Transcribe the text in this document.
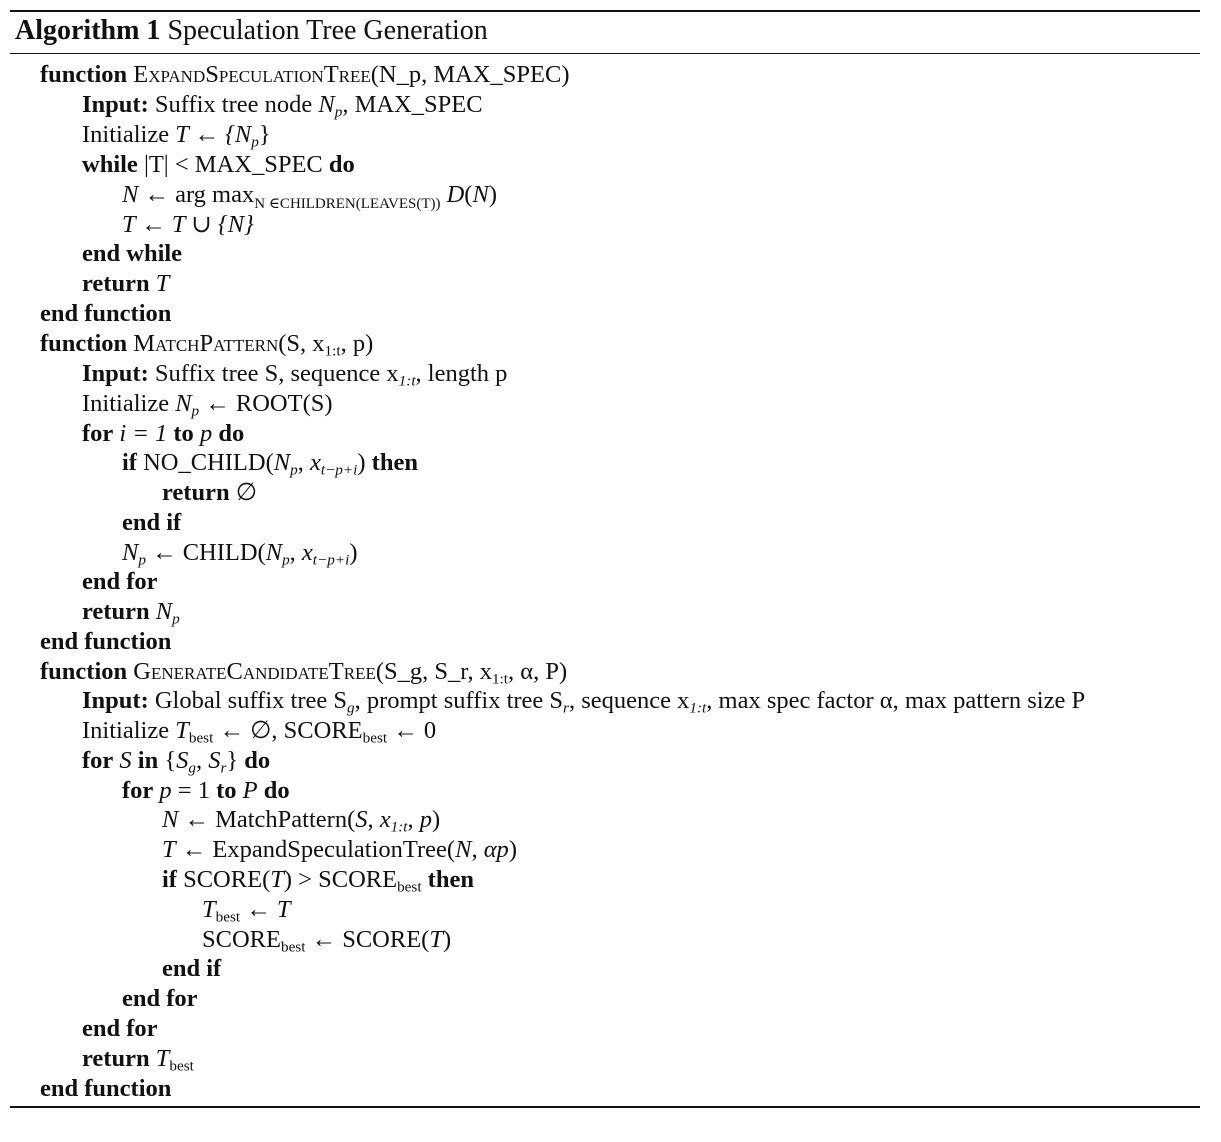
Algorithm 1 Speculation Tree Generation
function ExpandSpeculationTree(N_p, MAX_SPEC)
Input: Suffix tree node $N_p$, MAX_SPEC
Initialize T ← $\{N_p\}$
while |T| < MAX_SPEC do
N ← arg $\max_{N \in CHILDREN(LEAVES(T))} D(N)$
T ← T ∪ {N}
end while
return T
end function
function MatchPattern(S, $x_{1:t}$, p)
Input: Suffix tree S, sequence $x_{1:t}$, length p
Initialize $N_p$ ← ROOT(S)
for i = 1 to p do
if $NO\_CHILD(N_p$, $x_{t-p+i}$) then
return ∅
end if
$N_p$ ← $CHILD(N_p$, $x_{t-p+i}$)
end for
return $N_p$
end function
function GenerateCandidateTree(S_g, S_r, $x_{1:t}$, α, P)
Input: Global suffix tree $S_g$, prompt suffix tree $S_r$, sequence $x_{1:t}$, max spec factor α, max pattern size P
Initialize $T_{best}$ ← ∅, $SCORE_{best}$ ← 0
for S in {$S_g$, $S_r$} do
for p = 1 to P do
N ← MatchPattern(S, $x_{1:t}$, p)
T ← ExpandSpeculationTree(N, αp)
if SCORE(T) > $SCORE_{best}$ then
$T_{best}$ ← T
$SCORE_{best}$ ← SCORE(T)
end if
end for
end for
return $T_{best}$
end function
